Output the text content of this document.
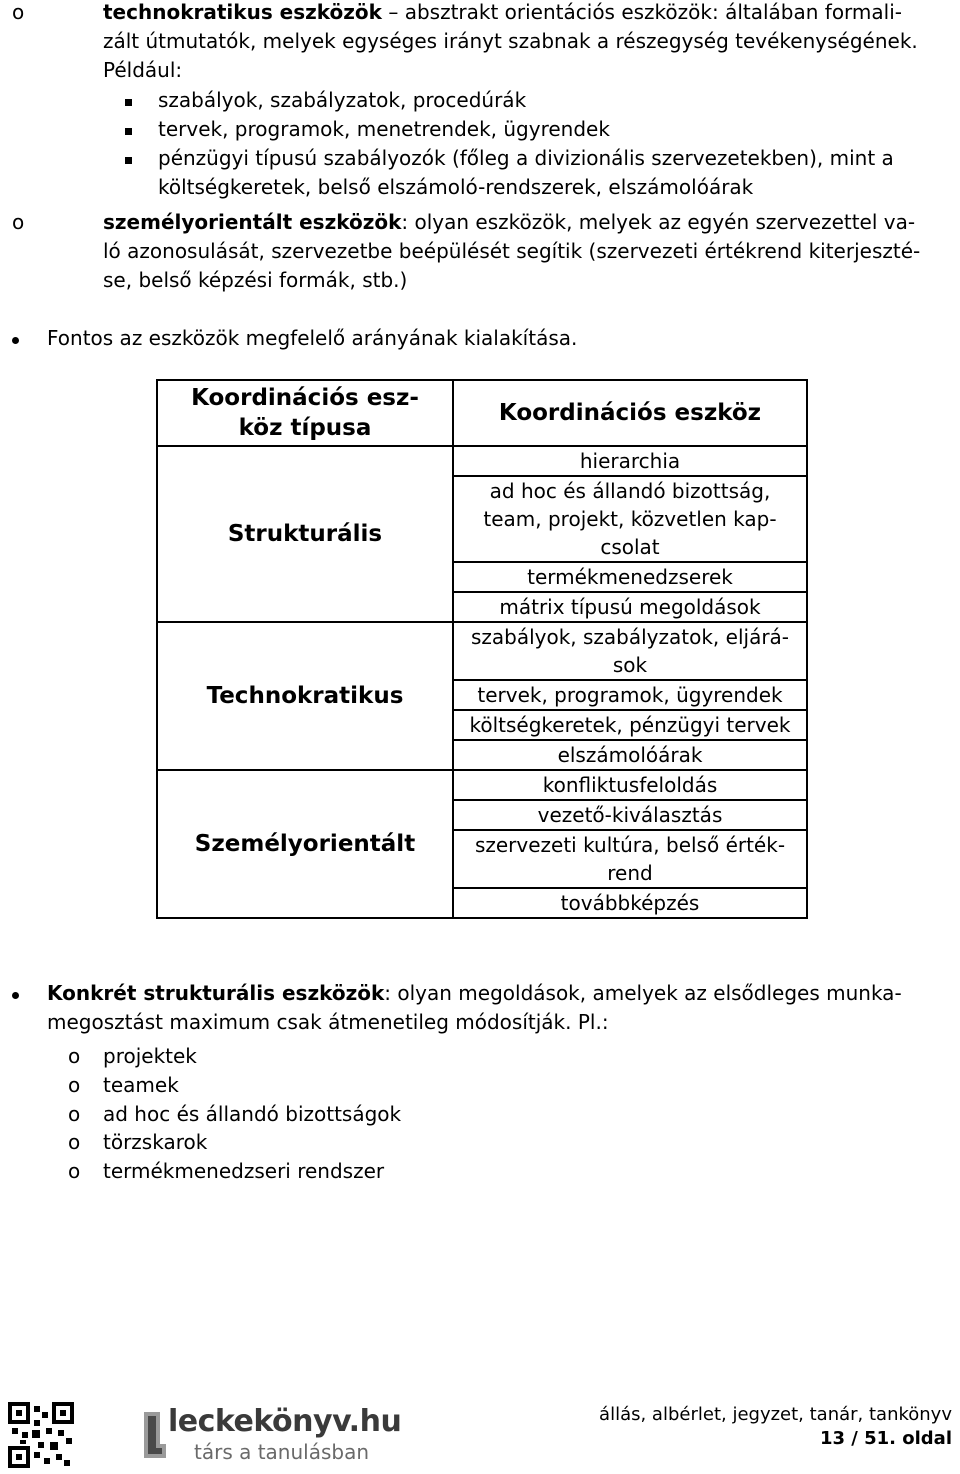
o	technokratikus eszközök – absztrakt orientációs eszközök: általában formali-
zált útmutatók, melyek egységes irányt szabnak a részegység tevékenységének.
Például:
szabályok, szabályzatok, procedúrák
tervek, programok, menetrendek, ügyrendek
pénzügyi típusú szabályozók (főleg a divizionális szervezetekben), mint a
költségkeretek, belső elszámoló-rendszerek, elszámolóárak
o	személyorientált eszközök: olyan eszközök, melyek az egyén szervezettel va-
ló azonosulását, szervezetbe beépülését segítik (szervezeti értékrend kiterjeszté-
se, belső képzési formák, stb.)
Fontos az eszközök megfelelő arányának kialakítása.
Koordinációs esz-
köz típusa	Koordinációs eszköz
Strukturális	hierarchia
	ad hoc és állandó bizottság,
team, projekt, közvetlen kap-
csolat
	termékmenedzserek
	mátrix típusú megoldások
Technokratikus	szabályok, szabályzatok, eljárá-
sok
	tervek, programok, ügyrendek
	költségkeretek, pénzügyi tervek
	elszámolóárak
Személyorientált	konfliktusfeloldás
	vezető-kiválasztás
	szervezeti kultúra, belső érték-
rend
	továbbképzés
Konkrét strukturális eszközök: olyan megoldások, amelyek az elsődleges munka-
megosztást maximum csak átmenetileg módosítják. Pl.:
o projektek
o teamek
o ad hoc és állandó bizottságok
o törzskarok
o termékmenedzseri rendszer
leckekönyv.hu
társ a tanulásban
állás, albérlet, jegyzet, tanár, tankönyv
13 / 51. oldal
